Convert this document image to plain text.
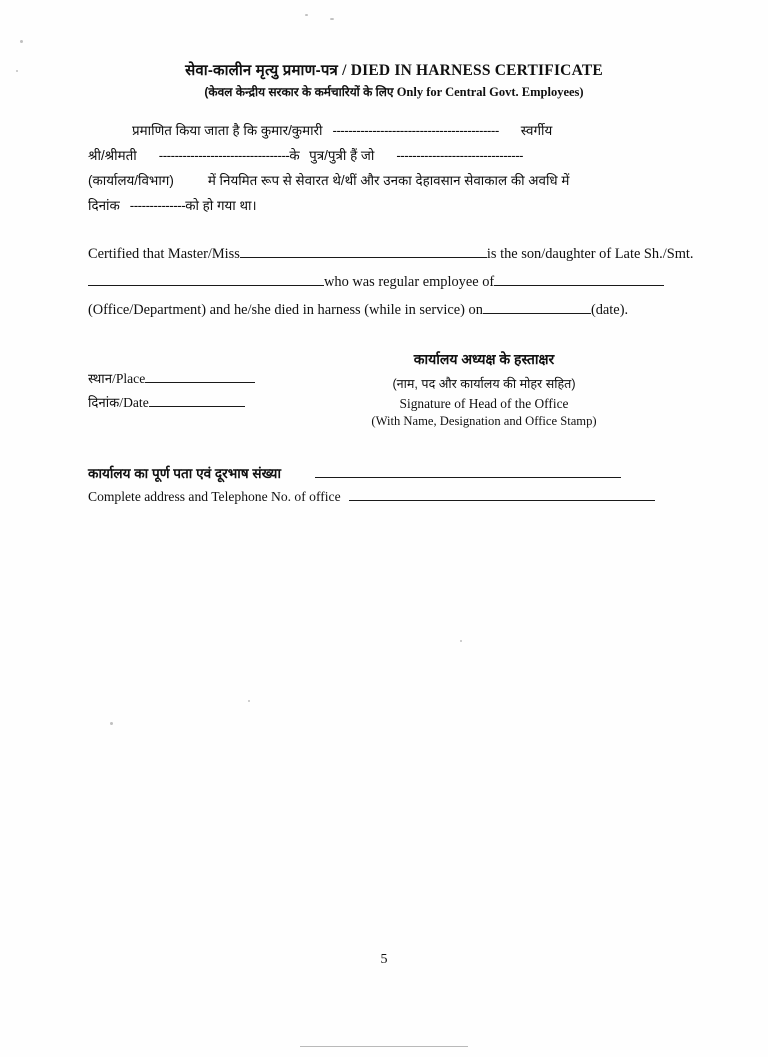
सेवा-कालीन मृत्यु प्रमाण-पत्र / DIED IN HARNESS CERTIFICATE
(केवल केन्द्रीय सरकार के कर्मचारियों के लिए Only for Central Govt. Employees)
प्रमाणित किया जाता है कि कुमार/कुमारी ------------------------------------------ स्वर्गीय
श्री/श्रीमती ---------------------------------के पुत्र/पुत्री हैं जो --------------------------------
(कार्यालय/विभाग)	में नियमित रूप से सेवारत थे/थीं और उनका देहावसान सेवाकाल की अवधि में
दिनांक --------------को हो गया था।
Certified that Master/Miss	is the son/daughter of Late Sh./Smt.
who was regular employee of
(Office/Department) and he/she died in harness (while in service) on	(date).
कार्यालय अध्यक्ष के हस्ताक्षर
(नाम, पद और कार्यालय की मोहर सहित)
Signature of Head of the Office
(With Name, Designation and Office Stamp)
स्थान/Place
दिनांक/Date
कार्यालय का पूर्ण पता एवं दूरभाष संख्या
Complete address and Telephone No. of office
5
